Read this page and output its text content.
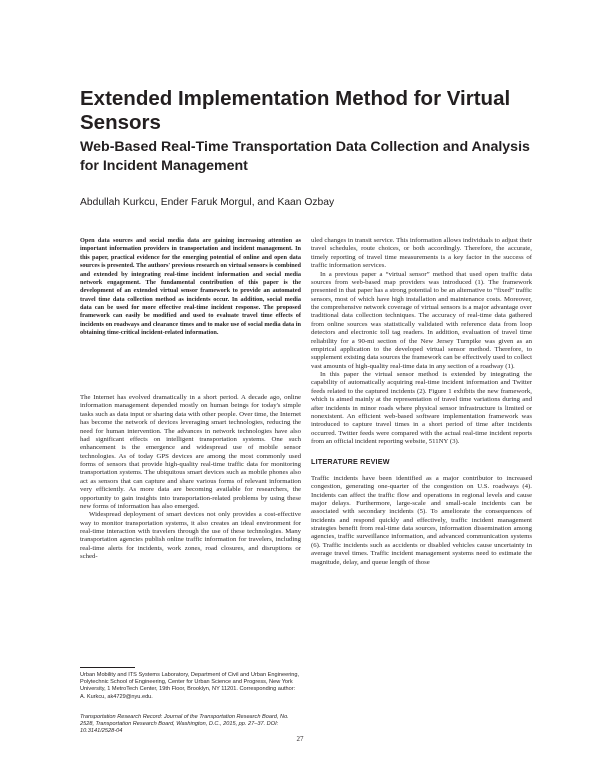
Extended Implementation Method for Virtual Sensors
Web-Based Real-Time Transportation Data Collection and Analysis for Incident Management
Abdullah Kurkcu, Ender Faruk Morgul, and Kaan Ozbay

Open data sources and social media data are gaining increasing attention as important information providers in transportation and incident management. In this paper, practical evidence for the emerging potential of online and open data sources is presented. The authors' previous research on virtual sensors is combined and extended by integrating real-time incident information and social media network engagement. The fundamental contribution of this paper is the development of an extended virtual sensor framework to provide an automated travel time data collection method as incidents occur. In addition, social media data can be used for more effective real-time incident response. The proposed framework can easily be modified and used to evaluate travel time effects of incidents on roadways and clearance times and to make use of social media data in obtaining time-critical incident-related information.

The Internet has evolved dramatically in a short period. A decade ago, online information management depended mostly on human beings for today's simple tasks such as data input or sharing data with other people. Over time, the Internet has become the network of devices leveraging smart technologies, reducing the need for human intervention. The advances in network technologies have also had significant effects on intelligent transportation systems. One such enhancement is the emergence and widespread use of mobile sensor technologies. As of today GPS devices are among the most commonly used forms of sensors that provide high-quality real-time traffic data for monitoring transportation systems. The ubiquitous smart devices such as mobile phones also act as sensors that can capture and share various forms of relevant information very efficiently. As more data are becoming available for researchers, the opportunity to gain insights into transportation-related problems by using these new forms of information has also emerged.

Widespread deployment of smart devices not only provides a cost-effective way to monitor transportation systems, it also creates an ideal environment for real-time interaction with travelers through the use of these technologies. Many transportation agencies publish online traffic information for travelers, including real-time alerts for incidents, work zones, road closures, and disruptions or sched-

uled changes in transit service. This information allows individuals to adjust their travel schedules, route choices, or both accordingly. Therefore, the accurate, timely reporting of travel time measurements is a key factor in the success of traffic information services.

In a previous paper a “virtual sensor” method that used open traffic data sources from web-based map providers was introduced (1). The framework presented in that paper has a strong potential to be an alternative to “fixed” traffic sensors, most of which have high installation and maintenance costs. Moreover, the comprehensive network coverage of virtual sensors is a major advantage over traditional data collection techniques. The accuracy of real-time data gathered from online sources was statistically validated with reference data from loop detectors and electronic toll tag readers. In addition, evaluation of travel time reliability for a 90-mi section of the New Jersey Turnpike was given as an empirical application to the developed virtual sensor method. Therefore, to supplement existing data sources the framework can be effectively used to collect vast amounts of high-quality real-time data in any section of a roadway (1).

In this paper the virtual sensor method is extended by integrating the capability of automatically acquiring real-time incident information and Twitter feeds related to the captured incidents (2). Figure 1 exhibits the new framework, which is aimed mainly at the representation of travel time variations during and after incidents in minor roads where physical sensor infrastructure is limited or nonexistent. An efficient web-based software implementation framework was introduced to capture travel times in a short period of time after incidents occurred. Twitter feeds were compared with the actual real-time incident reports from an official incident reporting website, 511NY (3).

LITERATURE REVIEW

Traffic incidents have been identified as a major contributor to increased congestion, generating one-quarter of the congestion on U.S. roadways (4). Incidents can affect the traffic flow and operations in regional levels and cause major delays. Furthermore, large-scale and small-scale incidents can be associated with secondary incidents (5). To ameliorate the consequences of incidents and respond quickly and effectively, traffic incident management strategies benefit from real-time data sources, information dissemination among agencies, traffic surveillance information, and advanced communication systems (6). Traffic incidents such as accidents or disabled vehicles cause uncertainty in average travel times. Traffic incident management systems need to estimate the magnitude, delay, and queue length of those

Urban Mobility and ITS Systems Laboratory, Department of Civil and Urban Engineering, Polytechnic School of Engineering, Center for Urban Science and Progress, New York University, 1 MetroTech Center, 19th Floor, Brooklyn, NY 11201. Corresponding author: A. Kurkcu, ak4729@nyu.edu.

Transportation Research Record: Journal of the Transportation Research Board, No. 2528, Transportation Research Board, Washington, D.C., 2015, pp. 27–37. DOI: 10.3141/2528-04

27
